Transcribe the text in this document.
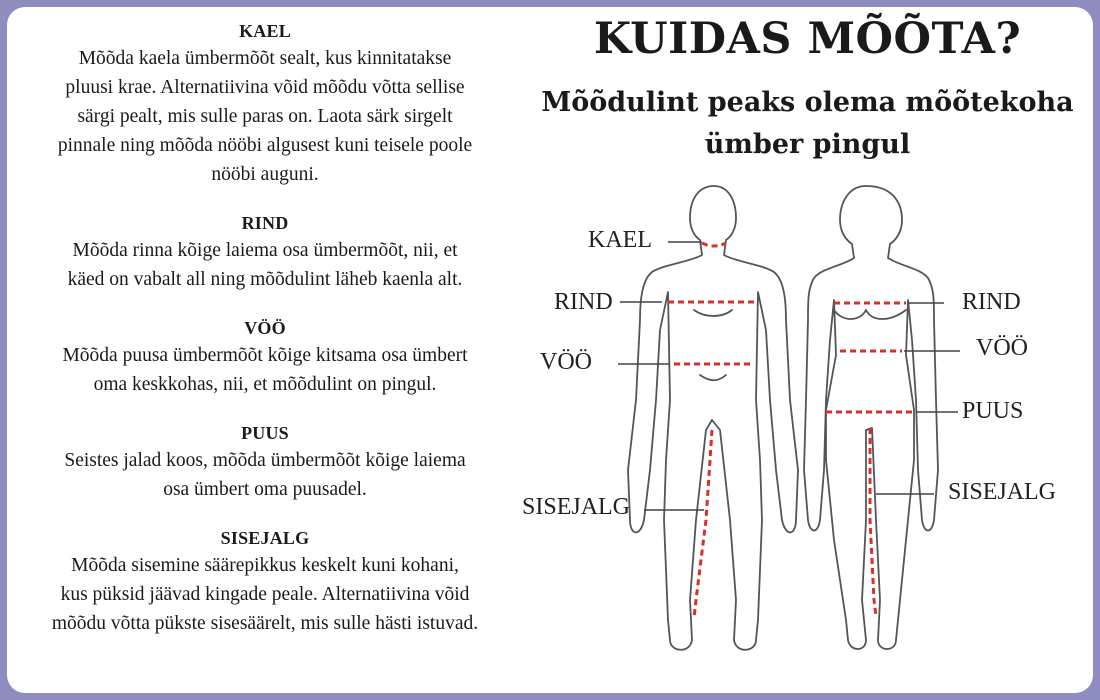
KAEL

Mõõda kaela ümbermõõt sealt, kus kinnitatakse
pluusi krae. Alternatiivina võid mõõdu võtta sellise
särgi pealt, mis sulle paras on. Laota särk sirgelt
pinnale ning mõõda nööbi algusest kuni teisele poole
nööbi auguni.

RIND

Mõõda rinna kõige laiema osa ümbermõõt, nii, et
käed on vabalt all ning mõõdulint läheb kaenla alt.

VÖÖ

Mõõda puusa ümbermõõt kõige kitsama osa ümbert
oma keskkohas, nii, et mõõdulint on pingul.

PUUS

Seistes jalad koos, mõõda ümbermõõt kõige laiema
osa ümbert oma puusadel.

SISEJALG

Mõõda sisemine säärepikkus keskelt kuni kohani,
kus püksid jäävad kingade peale. Alternatiivina võid
mõõdu võtta pükste sisesäärelt, mis sulle hästi istuvad.

KUIDAS MÕÕTA?
Mõõdulint peaks olema mõõtekoha
ümber pingul
KAEL
RIND
VÖÖ
SISEJALG
RIND
VÖÖ
PUUS
SISEJALG
